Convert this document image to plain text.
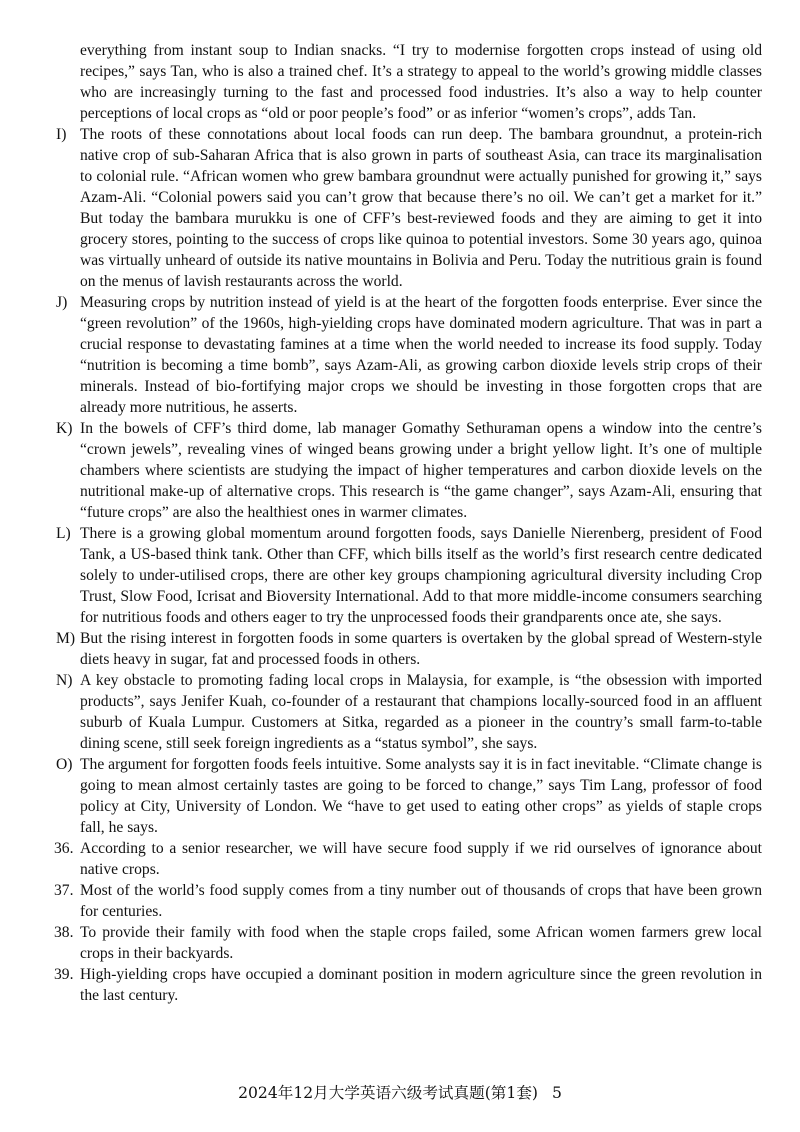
everything from instant soup to Indian snacks. “I try to modernise forgotten crops instead of using old recipes,” says Tan, who is also a trained chef. It’s a strategy to appeal to the world’s growing middle classes who are increasingly turning to the fast and processed food industries. It’s also a way to help counter perceptions of local crops as “old or poor people’s food” or as inferior “women’s crops”, adds Tan.

I) The roots of these connotations about local foods can run deep. The bambara groundnut, a protein-rich native crop of sub-Saharan Africa that is also grown in parts of southeast Asia, can trace its marginalisation to colonial rule. “African women who grew bambara groundnut were actually punished for growing it,” says Azam-Ali. “Colonial powers said you can’t grow that because there’s no oil. We can’t get a market for it.” But today the bambara murukku is one of CFF’s best-reviewed foods and they are aiming to get it into grocery stores, pointing to the success of crops like quinoa to potential investors. Some 30 years ago, quinoa was virtually unheard of outside its native mountains in Bolivia and Peru. Today the nutritious grain is found on the menus of lavish restaurants across the world.

J) Measuring crops by nutrition instead of yield is at the heart of the forgotten foods enterprise. Ever since the “green revolution” of the 1960s, high-yielding crops have dominated modern agriculture. That was in part a crucial response to devastating famines at a time when the world needed to increase its food supply. Today “nutrition is becoming a time bomb”, says Azam-Ali, as growing carbon dioxide levels strip crops of their minerals. Instead of bio-fortifying major crops we should be investing in those forgotten crops that are already more nutritious, he asserts.

K) In the bowels of CFF’s third dome, lab manager Gomathy Sethuraman opens a window into the centre’s “crown jewels”, revealing vines of winged beans growing under a bright yellow light. It’s one of multiple chambers where scientists are studying the impact of higher temperatures and carbon dioxide levels on the nutritional make-up of alternative crops. This research is “the game changer”, says Azam-Ali, ensuring that “future crops” are also the healthiest ones in warmer climates.

L) There is a growing global momentum around forgotten foods, says Danielle Nierenberg, president of Food Tank, a US-based think tank. Other than CFF, which bills itself as the world’s first research centre dedicated solely to under-utilised crops, there are other key groups championing agricultural diversity including Crop Trust, Slow Food, Icrisat and Bioversity International. Add to that more middle-income consumers searching for nutritious foods and others eager to try the unprocessed foods their grandparents once ate, she says.

M) But the rising interest in forgotten foods in some quarters is overtaken by the global spread of Western-style diets heavy in sugar, fat and processed foods in others.

N) A key obstacle to promoting fading local crops in Malaysia, for example, is “the obsession with imported products”, says Jenifer Kuah, co-founder of a restaurant that champions locally-sourced food in an affluent suburb of Kuala Lumpur. Customers at Sitka, regarded as a pioneer in the country’s small farm-to-table dining scene, still seek foreign ingredients as a “status symbol”, she says.

O) The argument for forgotten foods feels intuitive. Some analysts say it is in fact inevitable. “Climate change is going to mean almost certainly tastes are going to be forced to change,” says Tim Lang, professor of food policy at City, University of London. We “have to get used to eating other crops” as yields of staple crops fall, he says.

36. According to a senior researcher, we will have secure food supply if we rid ourselves of ignorance about native crops.

37. Most of the world’s food supply comes from a tiny number out of thousands of crops that have been grown for centuries.

38. To provide their family with food when the staple crops failed, some African women farmers grew local crops in their backyards.

39. High-yielding crops have occupied a dominant position in modern agriculture since the green revolution in the last century.

2024年12月大学英语六级考试真题(第1套) 5
